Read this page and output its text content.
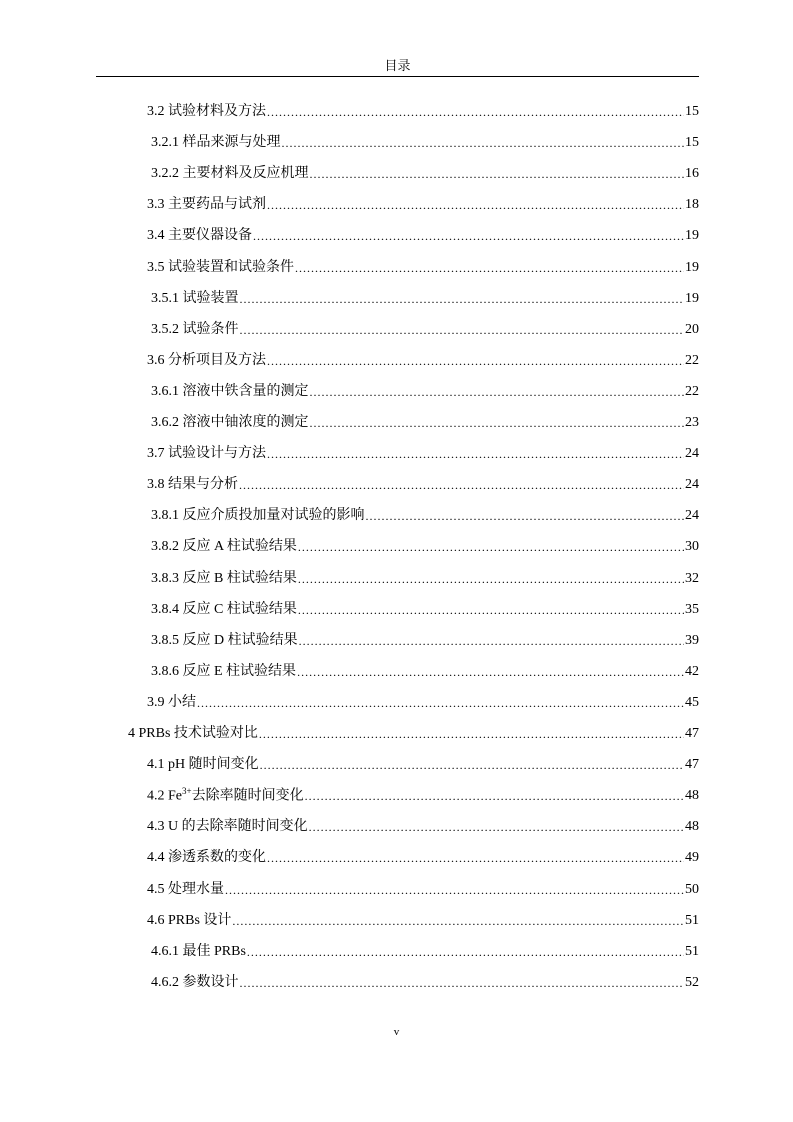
目录
3.2 试验材料及方法 .....	15
3.2.1 样品来源与处理 .....	15
3.2.2 主要材料及反应机理 .....	16
3.3 主要药品与试剂 .....	18
3.4 主要仪器设备 .....	19
3.5 试验装置和试验条件 .....	19
3.5.1 试验装置 .....	19
3.5.2 试验条件 .....	20
3.6 分析项目及方法 .....	22
3.6.1 溶液中铁含量的测定 .....	22
3.6.2 溶液中铀浓度的测定 .....	23
3.7 试验设计与方法 .....	24
3.8 结果与分析 .....	24
3.8.1 反应介质投加量对试验的影响 .....	24
3.8.2 反应 A 柱试验结果 .....	30
3.8.3 反应 B 柱试验结果 .....	32
3.8.4 反应 C 柱试验结果 .....	35
3.8.5 反应 D 柱试验结果 .....	39
3.8.6 反应 E 柱试验结果 .....	42
3.9 小结 .....	45
4 PRBs 技术试验对比 .....	47
4.1 pH 随时间变化 .....	47
4.2 $Fe^{3+}$去除率随时间变化 .....	48
4.3 U 的去除率随时间变化 .....	48
4.4 渗透系数的变化 .....	49
4.5 处理水量 .....	50
4.6 PRBs 设计 .....	51
4.6.1 最佳 PRBs .....	51
4.6.2 参数设计 .....	52
v
